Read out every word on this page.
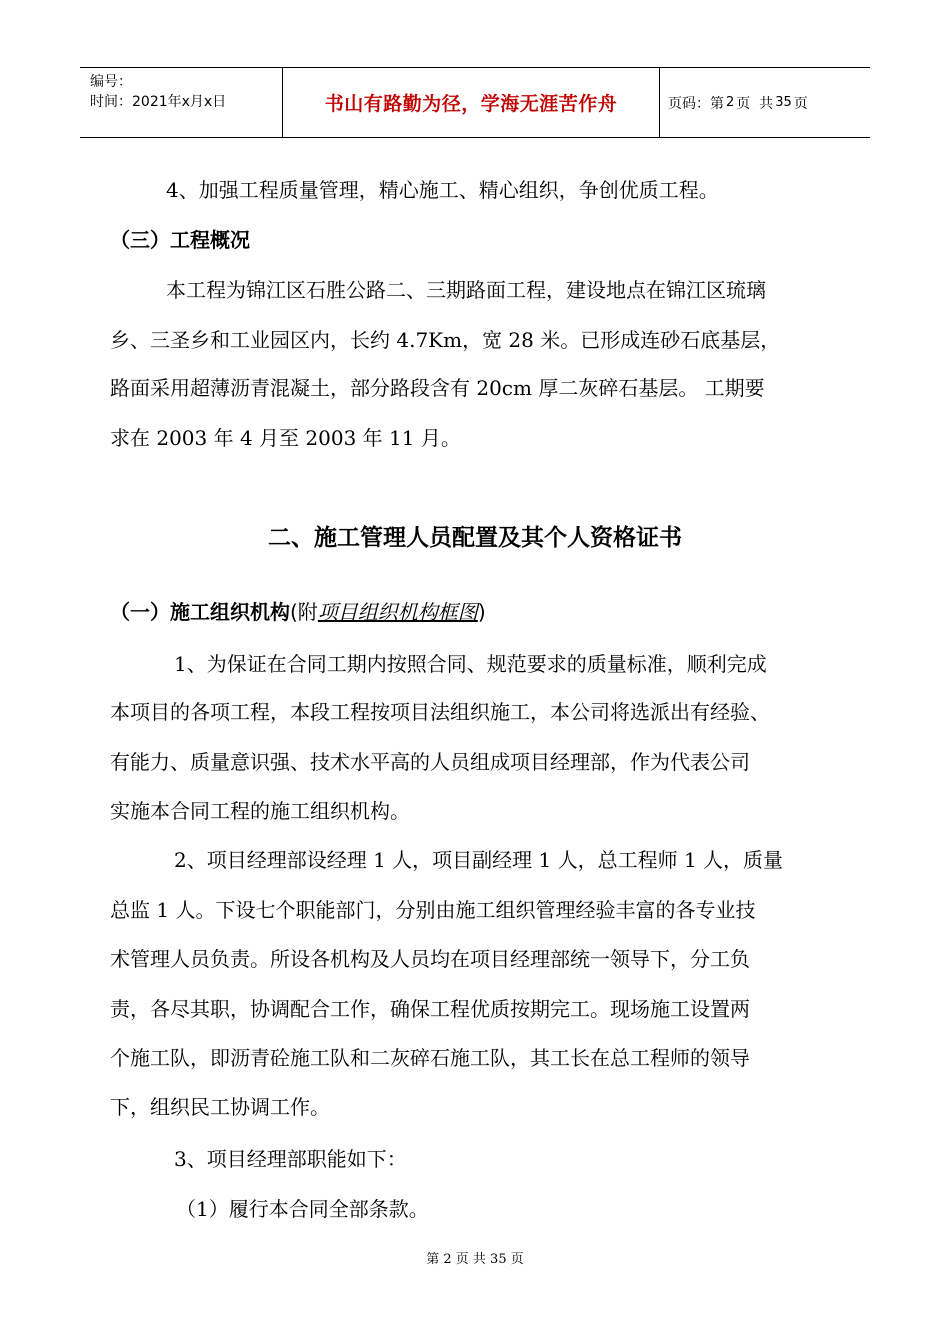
编号：
时间：2021年x月x日	书山有路勤为径，学海无涯苦作舟	页码：第 2 页  共 35 页
4、加强工程质量管理，精心施工、精心组织，争创优质工程。
（三）工程概况
本工程为锦江区石胜公路二、三期路面工程，建设地点在锦江区琉璃
乡、三圣乡和工业园区内，长约 4.7Km，宽 28 米。已形成连砂石底基层，
路面采用超薄沥青混凝土，部分路段含有 20cm 厚二灰碎石基层。 工期要
求在 2003 年 4 月至 2003 年 11 月。
二、施工管理人员配置及其个人资格证书
（一）施工组织机构(附项目组织机构框图)
1、为保证在合同工期内按照合同、规范要求的质量标准，顺利完成
本项目的各项工程，本段工程按项目法组织施工，本公司将选派出有经验、
有能力、质量意识强、技术水平高的人员组成项目经理部，作为代表公司
实施本合同工程的施工组织机构。
2、项目经理部设经理 1 人，项目副经理 1 人，总工程师 1 人，质量
总监 1 人。下设七个职能部门，分别由施工组织管理经验丰富的各专业技
术管理人员负责。所设各机构及人员均在项目经理部统一领导下，分工负
责，各尽其职，协调配合工作，确保工程优质按期完工。现场施工设置两
个施工队，即沥青砼施工队和二灰碎石施工队，其工长在总工程师的领导
下，组织民工协调工作。
3、项目经理部职能如下：
（1）履行本合同全部条款。
第 2 页 共 35 页
